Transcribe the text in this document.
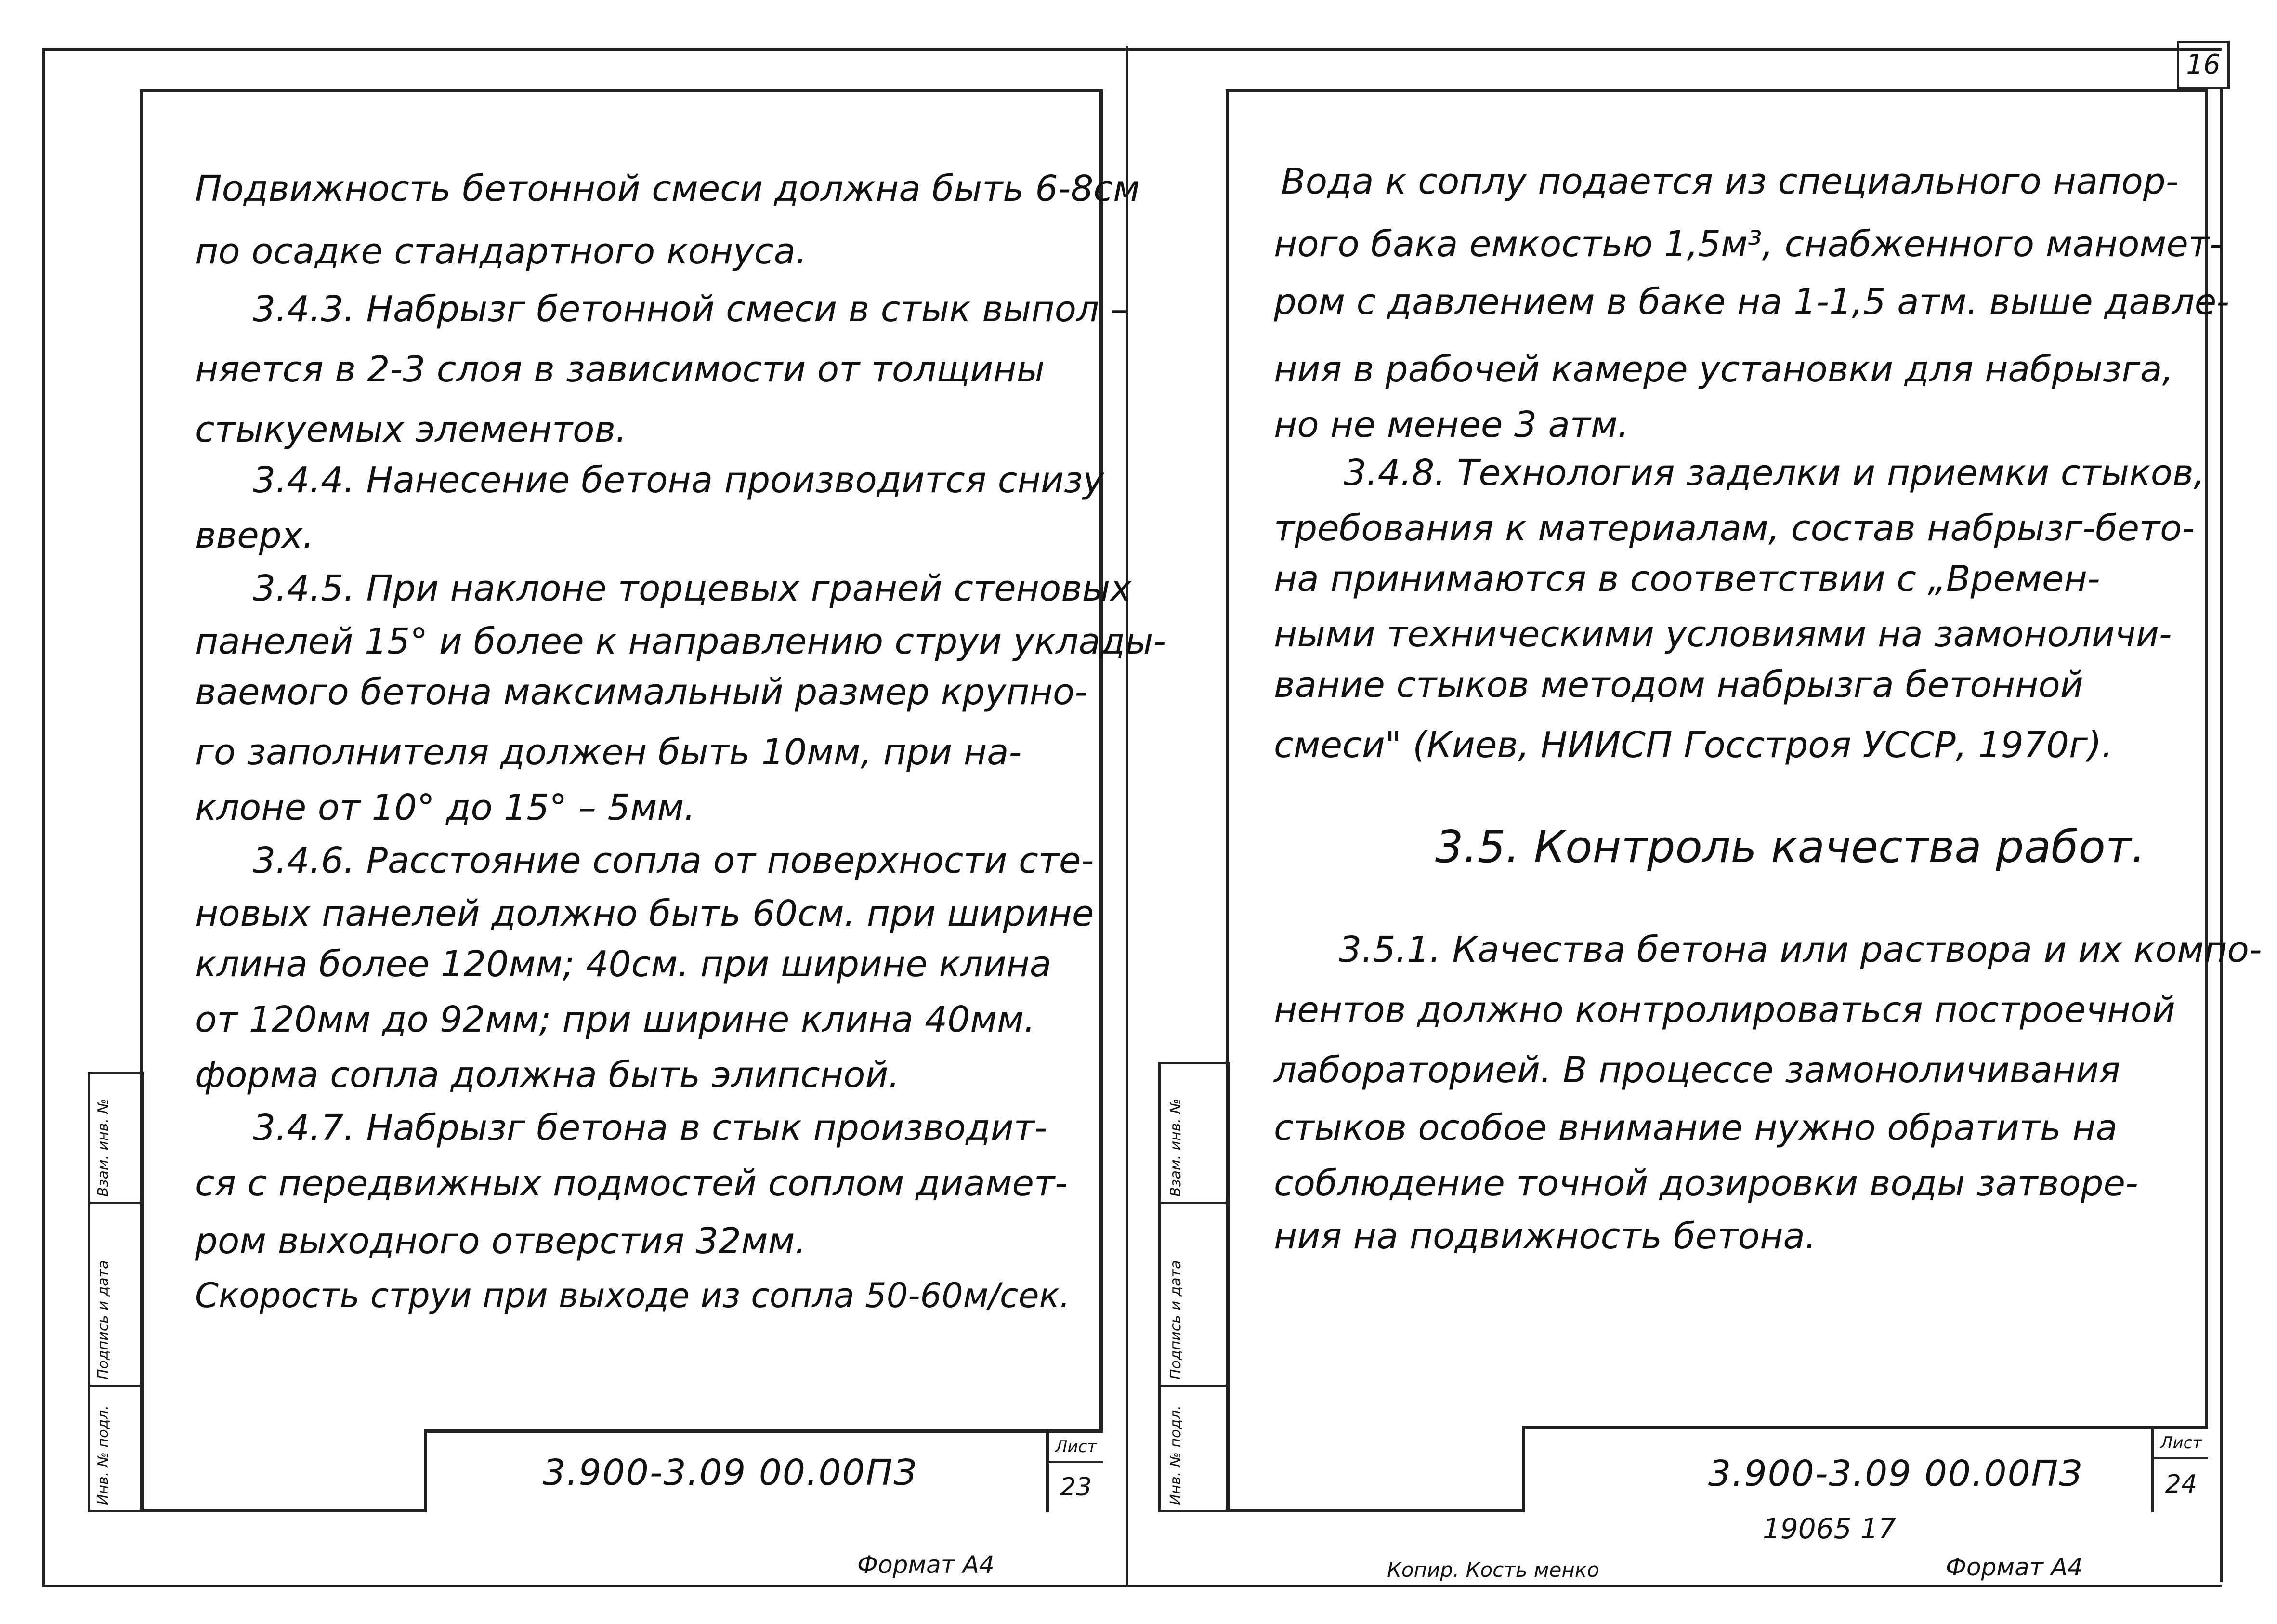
16
Взам. инв. №
Подпись и дата
Инв. № подл.
Подвижность бетонной смеси должна быть 6-8см
по осадке стандартного конуса.
3.4.3. Набрызг бетонной смеси в стык выпол –
няется в 2-3 слоя в зависимости от толщины
стыкуемых элементов.
3.4.4. Нанесение бетона производится снизу
вверх.
3.4.5. При наклоне торцевых граней стеновых
панелей 15° и более к направлению струи уклады-
ваемого бетона максимальный размер крупно-
го заполнителя должен быть 10мм, при на-
клоне от 10° до 15° – 5мм.
3.4.6. Расстояние сопла от поверхности сте-
новых панелей должно быть 60см. при ширине
клина более 120мм; 40см. при ширине клина
от 120мм до 92мм; при ширине клина 40мм.
форма сопла должна быть элипсной.
3.4.7. Набрызг бетона в стык производит-
ся с передвижных подмостей соплом диамет-
ром выходного отверстия 32мм.
Скорость струи при выходе из сопла 50-60м/сек.
3.900-3.09 00.00ПЗ
Лист
23
Формат А4
Взам. инв. №
Подпись и дата
Инв. № подл.
Вода к соплу подается из специального напор-
ного бака емкостью 1,5м³, снабженного маномет-
ром с давлением в баке на 1-1,5 атм. выше давле-
ния в рабочей камере установки для набрызга,
но не менее 3 атм.
3.4.8. Технология заделки и приемки стыков,
требования к материалам, состав набрызг-бето-
на принимаются в соответствии с „Времен-
ными техническими условиями на замоноличи-
вание стыков методом набрызга бетонной
смеси" (Киев, НИИСП Госстроя УССР, 1970г).
3.5. Контроль качества работ.
3.5.1. Качества бетона или раствора и их компо-
нентов должно контролироваться построечной
лабораторией. В процессе замоноличивания
стыков особое внимание нужно обратить на
соблюдение точной дозировки воды затворе-
ния на подвижность бетона.
3.900-3.09 00.00ПЗ
Лист
24
19065 17
Копир. Кость менко	Формат А4
